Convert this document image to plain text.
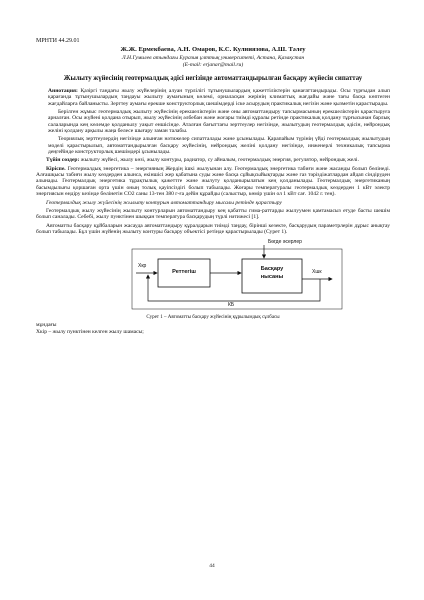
МРНТИ 44.29.01

Ж.Ж. Ермекбаева, А.Н. Омаров, К.С. Кулниязова, А.Ш. Тәлеу

Л.Н.Гумилев атындағы Еуразия ұлттық университеті, Астана, Қазақстан

(E-mail: erjanar@mail.ru)

Жылыту жүйесінің геотермалдық әдісі негізінде автоматтандырылған басқару жүйесін сипаттау

Аннотация: Қазіргі таңдағы жылу жүйелерінің алуан түрлілігі тұтынушылардың қажеттіліктерін қанағаттандырады. Осы түрғыдан алып қарағанда тұтынушылардың таңдауы жылыту аумағының көлемі, орналасқан жерінің климаттық жағдайы және тағы басқа көптеген жағдайларға байланысты. Зерттеу аумағы ерекше конструкторлық шешімдерді іске асырудың практикалық негізін және қызметін қарастырады.

Берілген жұмыс геотермалдық жылыту жүйесінің ерекшеліктерін және оны автоматтандыру тапсырмасының ерекшеліктерін қарастыруға арналған. Осы жүйені қолдана отырып, жылу жүйесінің әлбебан және жоғары тиімді құралы ретінде практикалық қолдану тұрғысынан барлық салаларында кең көлемде қолданылу уақыт еншісінде. Аталған бағыттағы зерттеулер негізінде, жылытудың геотермалдық әдісін, нейрондық желіні қолдану арқылы жаңа белесе шығару заман талабы.

Теориялық зерттеулердің негізінде алынған нәтижелер сипатталады және ұсынылады. Қарапайым түрінің үйді геотермалдық жылытудың моделі қарастырылып, автоматтандырылған басқару жүйесінің, нейрондық желіні қолдану негізінде, инженерлі техникалық тапсырма деңгейінде конструкторлық шешімдері ұсынылады.

Түйін сөздер: жылыту жүйесі, жылу көзі, жылу контуры, радиатор, су айналым, геотермалдық энергия, регулятор, нейрондық желі.

Кіріспе. Геотермалдық энергетика – энергияның Жердің ішкі жылуынан алу. Геотермалдық энергетика табиғи және жасанды болып бөлінеді. Алғашқысы табиғи жылу көздерден алынса, екіншісі жер қабатына суды және басқа сұйықсыйықтарды және газ тәріздіжатлардан айдап сіндіруден алынады. Геотермалдық энергетика тұрақтылық қажеттге және жылуту қолданырылатын кең қолданылады. Геотермалдық энергетиканың басымдылығы қоршаған орта үшін оның толық қауіпсіздігі болып табылады. Жоғары температуралы геотермалдық көздерден 1 кВт электр энергиясын өндіру кезінде бөлінетін CO2 саны 13-тен 380 г-ға дейін құрайды (салыстыр, көмір үшін ол 1 кВт сағ. 1042 г. тең).

Геотермалдық жылу жүйесінің жылыту контурын автоматтандыру мысалы ретінде қарастыру

Геотермалдық жылу жүйесінің жылыту контурларын автоматтандыру кең қабатты гима-раттарды жылуумен қамтамасыз етуде басты шешім болып саналады. Себебі, жылу пунктінен шыққан температура басқарудың түрлі нәтижесі [1].

Автоматты басқару құйбаларын жасауда автоматтандыру құралдарын тиімді таңдау, бірінші кезекте, басқарудың параметрлерін дұрыс анықтау болып табылады. Бұл үшін жүйенің жылыту контуры басқару объектісі ретінде қарастырылады (Сурет 1).

Бөгде әсерлер
Xкр
Xшк
Реттегіш	Басқару
нысаны
КБ

Сурет 1 – Автоматты басқару жүйесінің құрылымдық сұлбасы

мұндағы

Xкір – жылу пунктінен келген жылу шамасы;

44
